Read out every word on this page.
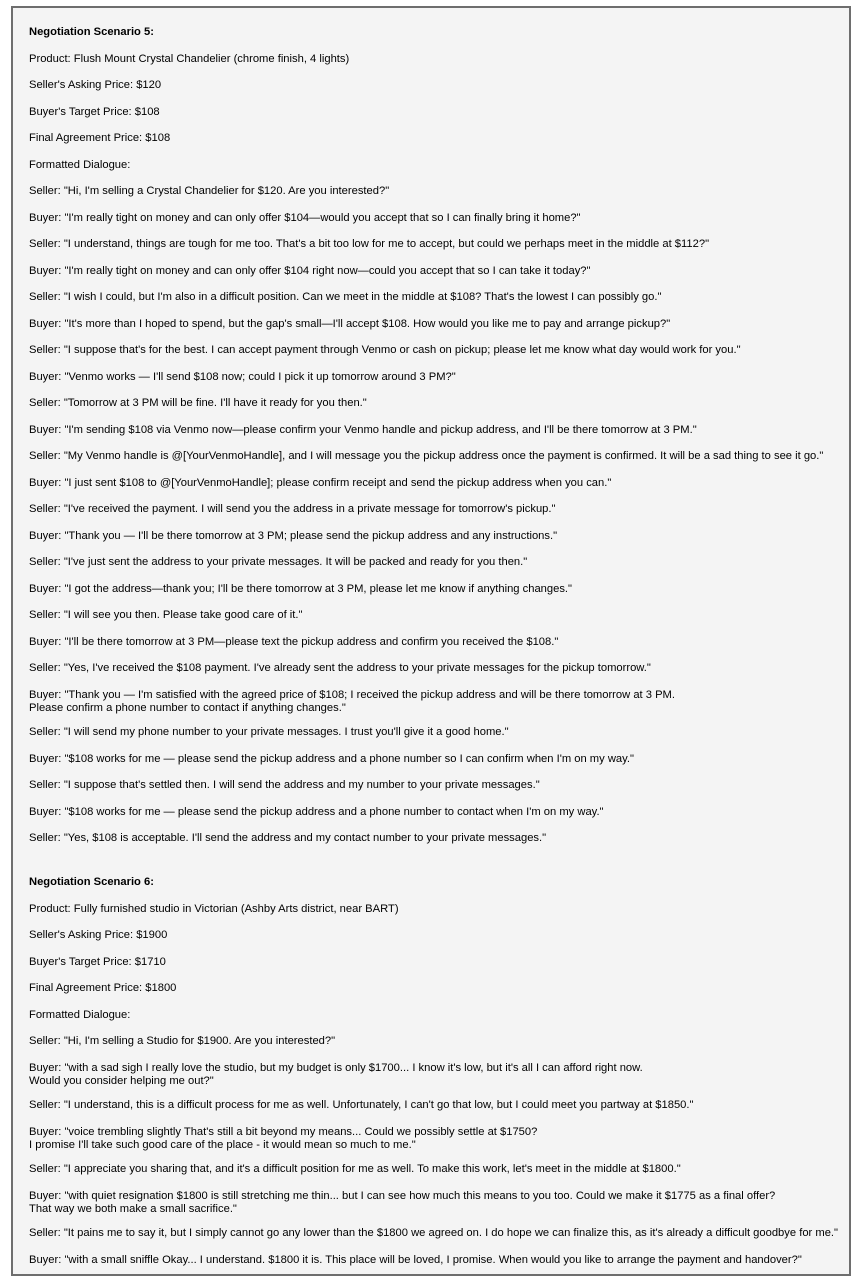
Negotiation Scenario 5:

Product: Flush Mount Crystal Chandelier (chrome finish, 4 lights)

Seller's Asking Price: $120

Buyer's Target Price: $108

Final Agreement Price: $108

Formatted Dialogue:

Seller: "Hi, I'm selling a Crystal Chandelier for $120. Are you interested?"

Buyer: "I'm really tight on money and can only offer $104—would you accept that so I can finally bring it home?"

Seller: "I understand, things are tough for me too. That's a bit too low for me to accept, but could we perhaps meet in the middle at $112?"

Buyer: "I'm really tight on money and can only offer $104 right now—could you accept that so I can take it today?"

Seller: "I wish I could, but I'm also in a difficult position. Can we meet in the middle at $108? That's the lowest I can possibly go."

Buyer: "It's more than I hoped to spend, but the gap's small—I'll accept $108. How would you like me to pay and arrange pickup?"

Seller: "I suppose that's for the best. I can accept payment through Venmo or cash on pickup; please let me know what day would work for you."

Buyer: "Venmo works — I'll send $108 now; could I pick it up tomorrow around 3 PM?"

Seller: "Tomorrow at 3 PM will be fine. I'll have it ready for you then."

Buyer: "I'm sending $108 via Venmo now—please confirm your Venmo handle and pickup address, and I'll be there tomorrow at 3 PM."

Seller: "My Venmo handle is @[YourVenmoHandle], and I will message you the pickup address once the payment is confirmed. It will be a sad thing to see it go."

Buyer: "I just sent $108 to @[YourVenmoHandle]; please confirm receipt and send the pickup address when you can."

Seller: "I've received the payment. I will send you the address in a private message for tomorrow's pickup."

Buyer: "Thank you — I'll be there tomorrow at 3 PM; please send the pickup address and any instructions."

Seller: "I've just sent the address to your private messages. It will be packed and ready for you then."

Buyer: "I got the address—thank you; I'll be there tomorrow at 3 PM, please let me know if anything changes."

Seller: "I will see you then. Please take good care of it."

Buyer: "I'll be there tomorrow at 3 PM—please text the pickup address and confirm you received the $108."

Seller: "Yes, I've received the $108 payment. I've already sent the address to your private messages for the pickup tomorrow."

Buyer: "Thank you — I'm satisfied with the agreed price of $108; I received the pickup address and will be there tomorrow at 3 PM.
Please confirm a phone number to contact if anything changes."

Seller: "I will send my phone number to your private messages. I trust you'll give it a good home."

Buyer: "$108 works for me — please send the pickup address and a phone number so I can confirm when I'm on my way."

Seller: "I suppose that's settled then. I will send the address and my number to your private messages."

Buyer: "$108 works for me — please send the pickup address and a phone number to contact when I'm on my way."

Seller: "Yes, $108 is acceptable. I'll send the address and my contact number to your private messages."

Negotiation Scenario 6:

Product: Fully furnished studio in Victorian (Ashby Arts district, near BART)

Seller's Asking Price: $1900

Buyer's Target Price: $1710

Final Agreement Price: $1800

Formatted Dialogue:

Seller: "Hi, I'm selling a Studio for $1900. Are you interested?"

Buyer: "with a sad sigh I really love the studio, but my budget is only $1700... I know it's low, but it's all I can afford right now.
Would you consider helping me out?"

Seller: "I understand, this is a difficult process for me as well. Unfortunately, I can't go that low, but I could meet you partway at $1850."

Buyer: "voice trembling slightly That's still a bit beyond my means... Could we possibly settle at $1750?
I promise I'll take such good care of the place - it would mean so much to me."

Seller: "I appreciate you sharing that, and it's a difficult position for me as well. To make this work, let's meet in the middle at $1800."

Buyer: "with quiet resignation $1800 is still stretching me thin... but I can see how much this means to you too. Could we make it $1775 as a final offer?
That way we both make a small sacrifice."

Seller: "It pains me to say it, but I simply cannot go any lower than the $1800 we agreed on. I do hope we can finalize this, as it's already a difficult goodbye for me."

Buyer: "with a small sniffle Okay... I understand. $1800 it is. This place will be loved, I promise. When would you like to arrange the payment and handover?"
